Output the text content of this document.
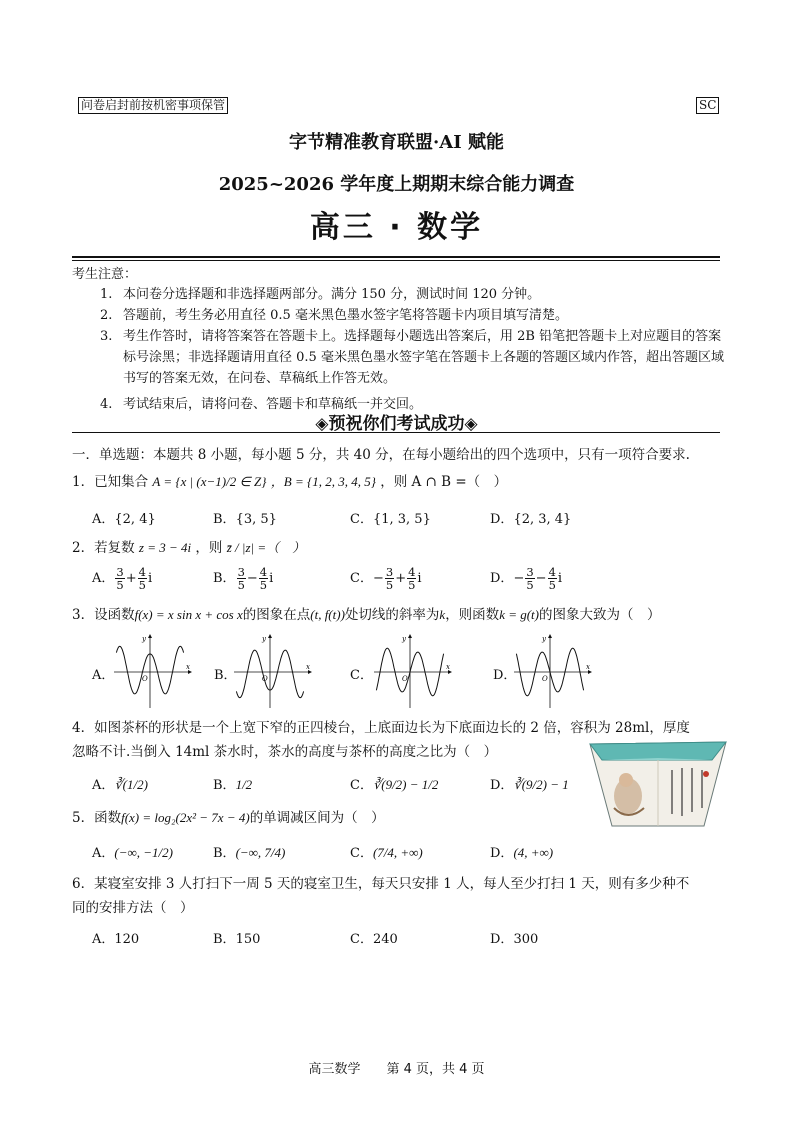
问卷启封前按机密事项保管	SC
字节精准教育联盟·AI 赋能
2025~2026 学年度上期期末综合能力调查
高三 · 数学
考生注意：
1. 本问卷分选择题和非选择题两部分。满分 150 分，测试时间 120 分钟。
2. 答题前，考生务必用直径 0.5 毫米黑色墨水签字笔将答题卡内项目填写清楚。
3. 考生作答时，请将答案答在答题卡上。选择题每小题选出答案后，用 2B 铅笔把答题卡上对应题目的答案标号涂黑；非选择题请用直径 0.5 毫米黑色墨水签字笔在答题卡上各题的答题区域内作答，超出答题区域书写的答案无效，在问卷、草稿纸上作答无效。
4. 考试结束后，请将问卷、答题卡和草稿纸一并交回。
◈预祝你们考试成功◈
一．单选题：本题共 8 小题，每小题 5 分，共 40 分，在每小题给出的四个选项中，只有一项符合要求.
1．已知集合 A = {x | (x−1)/2 ∈ Z} ，B = {1, 2, 3, 4, 5} ，则 A ∩ B =（　）
A．{2, 4}	B．{3, 5}	C．{1, 3, 5}	D．{2, 3, 4}
2．若复数 z = 3 − 4i ，则 z̄ / |z| =（　）
A． $\frac{3}{5} + \frac{4}{5}$ i	B． $\frac{3}{5} - \frac{4}{5}$ i	C．− $\frac{3}{5} + \frac{4}{5}$ i	D．− $\frac{3}{5} - \frac{4}{5}$ i
3．设函数f(x) = x sin x + cos x的图象在点(t, f(t))处切线的斜率为k，则函数k = g(t)的图象大致为（　）
A．	B．	C．	D．
y
x
O
y
x
O
y
x
O
y
x
O
4．如图茶杯的形状是一个上宽下窄的正四棱台，上底面边长为下底面边长的 2 倍，容积为 28ml，厚度
忽略不计.当倒入 14ml 茶水时，茶水的高度与茶杯的高度之比为（　）
A．∛(1/2)	B．1/2	C．∛(9/2) − 1/2	D．∛(9/2) − 1
5．函数f(x) = log₂(2x² − 7x − 4)的单调减区间为（　）
A．(−∞, −1/2)	B．(−∞, 7/4)	C．(7/4, +∞)	D．(4, +∞)
6．某寝室安排 3 人打扫下一周 5 天的寝室卫生，每天只安排 1 人，每人至少打扫 1 天，则有多少种不
同的安排方法（　）
A．120	B．150	C．240	D．300
高三数学　　第 4 页，共 4 页
